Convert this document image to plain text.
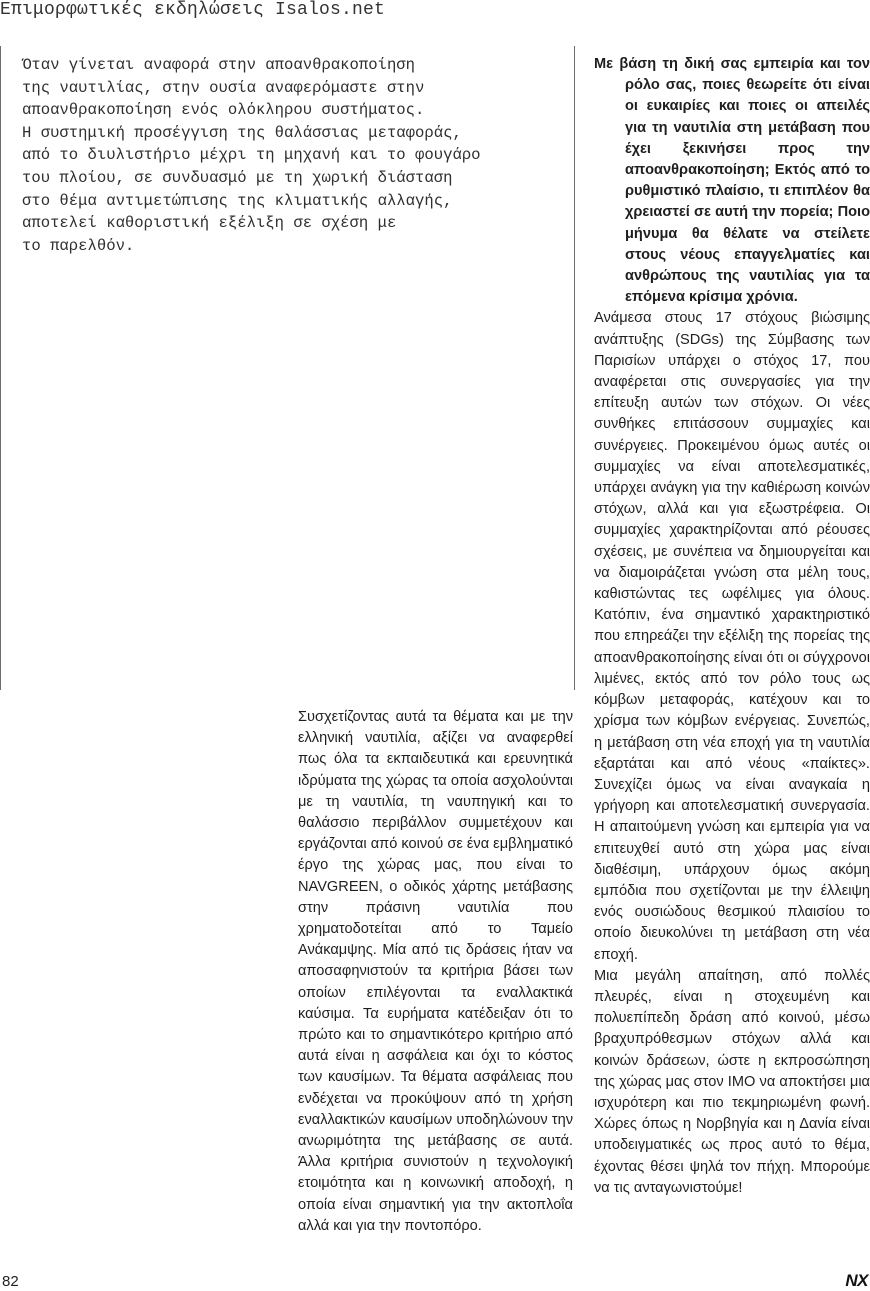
Επιμορφωτικές εκδηλώσεις Isalos.net

Όταν γίνεται αναφορά στην απoανθρακοποίηση

της ναυτιλίας, στην ουσία αναφερόμαστε στην

απoανθρακοποίηση ενός ολόκληρου συστήματος.

Η συστημική προσέγγιση της θαλάσσιας μεταφοράς,

από το διυλιστήριο μέχρι τη μηχανή και το φουγάρο

του πλοίου, σε συνδυασμό με τη χωρική διάσταση

στο θέμα αντιμετώπισης της κλιματικής αλλαγής,

αποτελεί καθοριστική εξέλιξη σε σχέση με

το παρελθόν.

Συσχετίζοντας αυτά τα θέματα και με την ελληνική ναυτιλία, αξίζει να αναφερθεί πως όλα τα εκπαιδευτικά και ερευνητικά ιδρύματα της χώρας τα οποία ασχολούνται με τη ναυτιλία, τη ναυπηγική και το θαλάσσιο περιβάλλον συμμετέχουν και εργάζονται από κοινού σε ένα εμβληματικό έργο της χώρας μας, που είναι το NAVGREEN, ο οδικός χάρτης μετάβασης στην πράσινη ναυτιλία που χρηματοδοτείται από το Ταμείο Ανάκαμψης. Μία από τις δράσεις ήταν να αποσαφηνιστούν τα κριτήρια βάσει των οποίων επιλέγονται τα εναλλακτικά καύσιμα. Τα ευρήματα κατέδειξαν ότι το πρώτο και το σημαντικότερο κριτήριο από αυτά είναι η ασφάλεια και όχι το κόστος των καυσίμων. Τα θέματα ασφάλειας που ενδέχεται να προκύψουν από τη χρήση εναλλακτικών καυσίμων υποδηλώνουν την ανωριμότητα της μετάβασης σε αυτά. Άλλα κριτήρια συνιστούν η τεχνολογική ετοιμότητα και η κοινωνική αποδοχή, η οποία είναι σημαντική για την ακτοπλοΐα αλλά και για την ποντοπόρο.

Με βάση τη δική σας εμπειρία και τον ρόλο σας, ποιες θεωρείτε ότι είναι οι ευκαιρίες και ποιες οι απειλές για τη ναυτιλία στη μετάβαση που έχει ξεκινήσει προς την απoανθρακοποίηση; Εκτός από το ρυθμιστικό πλαίσιο, τι επιπλέον θα χρειαστεί σε αυτή την πορεία; Ποιο μήνυμα θα θέλατε να στείλετε στους νέους επαγγελματίες και ανθρώπους της ναυτιλίας για τα επόμενα κρίσιμα χρόνια.

Ανάμεσα στους 17 στόχους βιώσιμης ανάπτυξης (SDGs) της Σύμβασης των Παρισίων υπάρχει ο στόχος 17, που αναφέρεται στις συνεργασίες για την επίτευξη αυτών των στόχων. Οι νέες συνθήκες επιτάσσουν συμμαχίες και συνέργειες. Προκειμένου όμως αυτές οι συμμαχίες να είναι αποτελεσματικές, υπάρχει ανάγκη για την καθιέρωση κοινών στόχων, αλλά και για εξωστρέφεια. Οι συμμαχίες χαρακτηρίζονται από ρέουσες σχέσεις, με συνέπεια να δημιουργείται και να διαμοιράζεται γνώση στα μέλη τους, καθιστώντας τες ωφέλιμες για όλους. Κατόπιν, ένα σημαντικό χαρακτηριστικό που επηρεάζει την εξέλιξη της πορείας της απoανθρακοποίησης είναι ότι οι σύγχρονοι λιμένες, εκτός από τον ρόλο τους ως κόμβων μεταφοράς, κατέχουν και το χρίσμα των κόμβων ενέργειας. Συνεπώς, η μετάβαση στη νέα εποχή για τη ναυτιλία εξαρτάται και από νέους «παίκτες». Συνεχίζει όμως να είναι αναγκαία η γρήγορη και αποτελεσματική συνεργασία. Η απαιτούμενη γνώση και εμπειρία για να επιτευχθεί αυτό στη χώρα μας είναι διαθέσιμη, υπάρχουν όμως ακόμη εμπόδια που σχετίζονται με την έλλειψη ενός ουσιώδους θεσμικού πλαισίου το οποίο διευκολύνει τη μετάβαση στη νέα εποχή.

Μια μεγάλη απαίτηση, από πολλές πλευρές, είναι η στοχευμένη και πολυεπίπεδη δράση από κοινού, μέσω βραχυπρόθεσμων στόχων αλλά και κοινών δράσεων, ώστε η εκπροσώπηση της χώρας μας στον IMO να αποκτήσει μια ισχυρότερη και πιο τεκμηριωμένη φωνή. Χώρες όπως η Νορβηγία και η Δανία είναι υποδειγματικές ως προς αυτό το θέμα, έχοντας θέσει ψηλά τον πήχη. Μπορούμε να τις ανταγωνιστούμε!

82	NX
